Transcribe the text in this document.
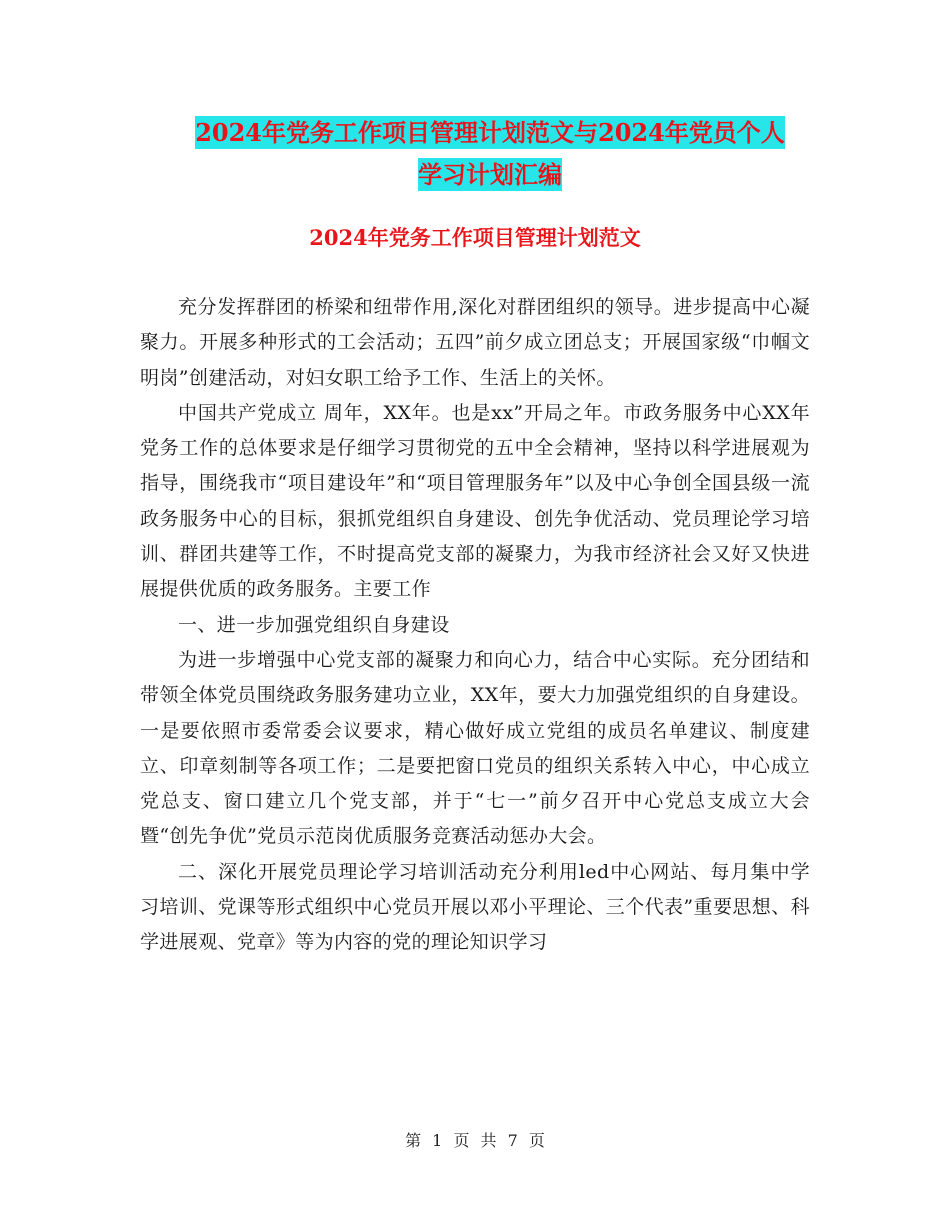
2024年党务工作项目管理计划范文与2024年党员个人
学习计划汇编
2024年党务工作项目管理计划范文

充分发挥群团的桥梁和纽带作用,深化对群团组织的领导。进步提高中心凝聚力。开展多种形式的工会活动；五四”前夕成立团总支；开展国家级“巾帼文明岗”创建活动，对妇女职工给予工作、生活上的关怀。

中国共产党成立 周年，XX年。也是xx”开局之年。市政务服务中心XX年党务工作的总体要求是仔细学习贯彻党的五中全会精神，坚持以科学进展观为指导，围绕我市“项目建设年”和“项目管理服务年”以及中心争创全国县级一流政务服务中心的目标，狠抓党组织自身建设、创先争优活动、党员理论学习培训、群团共建等工作，不时提高党支部的凝聚力，为我市经济社会又好又快进展提供优质的政务服务。主要工作

一、进一步加强党组织自身建设

为进一步增强中心党支部的凝聚力和向心力，结合中心实际。充分团结和带领全体党员围绕政务服务建功立业，XX年，要大力加强党组织的自身建设。一是要依照市委常委会议要求，精心做好成立党组的成员名单建议、制度建立、印章刻制等各项工作；二是要把窗口党员的组织关系转入中心，中心成立党总支、窗口建立几个党支部，并于“七一”前夕召开中心党总支成立大会暨“创先争优”党员示范岗优质服务竞赛活动惩办大会。

二、深化开展党员理论学习培训活动充分利用led中心网站、每月集中学习培训、党课等形式组织中心党员开展以邓小平理论、三个代表”重要思想、科学进展观、党章》等为内容的党的理论知识学习

第 1 页 共 7 页
